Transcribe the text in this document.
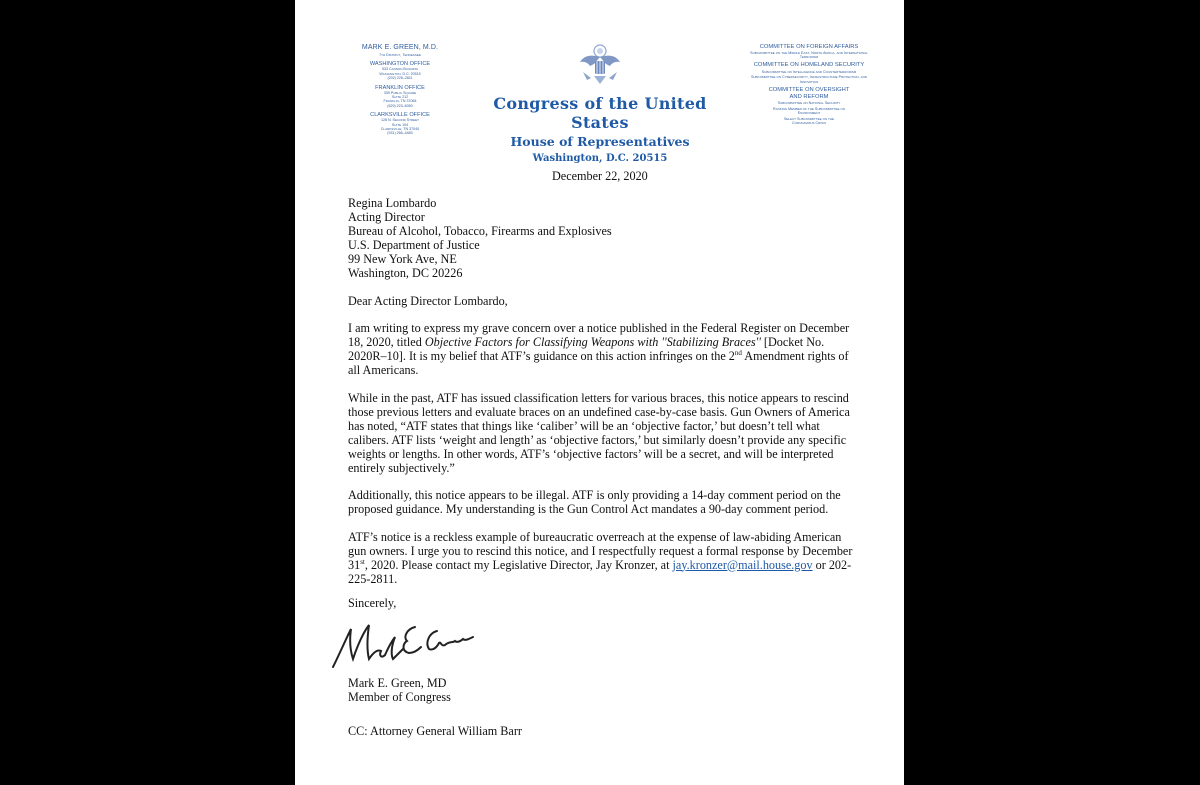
MARK E. GREEN, M.D.
7th District, Tennessee
WASHINGTON OFFICE
533 Cannon Building
Washington, D.C. 20515
(202) 225–2811
FRANKLIN OFFICE
305 Public Square
Suite 212
Franklin, TN 37064
(629) 223–6050
CLARKSVILLE OFFICE
128 N. Second Street
Suite 104
Clarksville, TN 37040
(931) 266–4483
Congress of the United States
House of Representatives
Washington, D.C. 20515
COMMITTEE ON FOREIGN AFFAIRS
Subcommittee on the Middle East, North Africa, and International Terrorism
COMMITTEE ON HOMELAND SECURITY
Subcommittee on Intelligence and Counterterrorism
Subcommittee on Cybersecurity, Infrastructure Protection, and Innovation
COMMITTEE ON OVERSIGHT AND REFORM
Subcommittee on National Security
Ranking Member of the Subcommittee on Environment
Select Subcommittee on the Coronavirus Crisis
December 22, 2020

Regina Lombardo
Acting Director
Bureau of Alcohol, Tobacco, Firearms and Explosives
U.S. Department of Justice
99 New York Ave, NE
Washington, DC 20226

Dear Acting Director Lombardo,

I am writing to express my grave concern over a notice published in the Federal Register on December 18, 2020, titled Objective Factors for Classifying Weapons with ''Stabilizing Braces'' [Docket No. 2020R–10]. It is my belief that ATF’s guidance on this action infringes on the 2nd Amendment rights of all Americans.

While in the past, ATF has issued classification letters for various braces, this notice appears to rescind those previous letters and evaluate braces on an undefined case-by-case basis. Gun Owners of America has noted, “ATF states that things like ‘caliber’ will be an ‘objective factor,’ but doesn’t tell what calibers. ATF lists ‘weight and length’ as ‘objective factors,’ but similarly doesn’t provide any specific weights or lengths. In other words, ATF’s ‘objective factors’ will be a secret, and will be interpreted entirely subjectively.”

Additionally, this notice appears to be illegal. ATF is only providing a 14-day comment period on the proposed guidance. My understanding is the Gun Control Act mandates a 90-day comment period.

ATF’s notice is a reckless example of bureaucratic overreach at the expense of law-abiding American gun owners. I urge you to rescind this notice, and I respectfully request a formal response by December 31st, 2020. Please contact my Legislative Director, Jay Kronzer, at jay.kronzer@mail.house.gov or 202-225-2811.

Sincerely,
Mark E. Green, MD
Member of Congress
CC: Attorney General William Barr
